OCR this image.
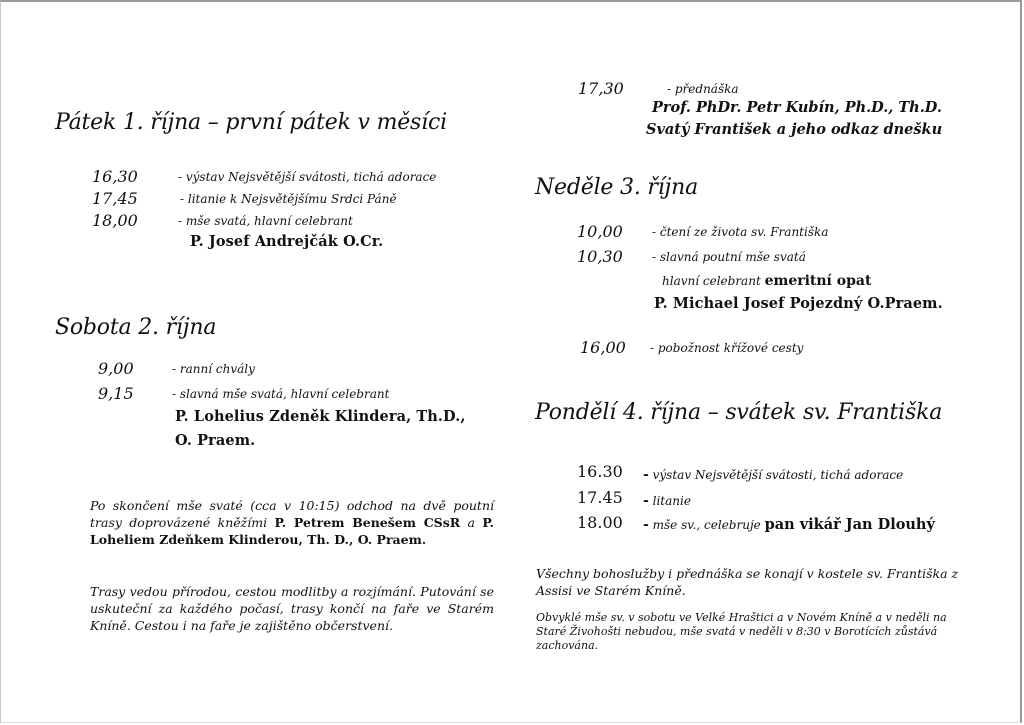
Pátek 1. října – první pátek v měsíci
16,30	- výstav Nejsvětější svátosti, tichá adorace
17,45	- litanie k Nejsvětějšímu Srdci Páně
18,00	- mše svatá, hlavní celebrant
P. Josef Andrejčák O.Cr.
Sobota 2. října
9,00	- ranní chvály
9,15	- slavná mše svatá, hlavní celebrant
P. Lohelius Zdeněk Klindera, Th.D.,
O. Praem.
Po skončení mše svaté (cca v 10:15) odchod na dvě poutní trasy doprovázené kněžími P. Petrem Benešem CSsR a P. Loheliem Zdeňkem Klinderou, Th. D., O. Praem.
Trasy vedou přírodou, cestou modlitby a rozjímání. Putování se uskuteční za každého počasí, trasy končí na faře ve Starém Kníně. Cestou i na faře je zajištěno občerstvení.
17,30	- přednáška
Prof. PhDr. Petr Kubín, Ph.D., Th.D.
Svatý František a jeho odkaz dnešku
Neděle 3. října
10,00 - čtení ze života sv. Františka
10,30 - slavná poutní mše svatá
hlavní celebrant emeritní opat
P. Michael Josef Pojezdný O.Praem.
16,00 - pobožnost křížové cesty
Pondělí 4. října – svátek sv. Františka
16.30 - výstav Nejsvětější svátosti, tichá adorace
17.45 - litanie
18.00 - mše sv., celebruje pan vikář Jan Dlouhý
Všechny bohoslužby i přednáška se konají v kostele sv. Františka z Assisi ve Starém Kníně.
Obvyklé mše sv. v sobotu ve Velké Hraštici a v Novém Kníně a v neděli na Staré Živohošti nebudou, mše svatá v neděli v 8:30 v Borotících zůstává zachována.
